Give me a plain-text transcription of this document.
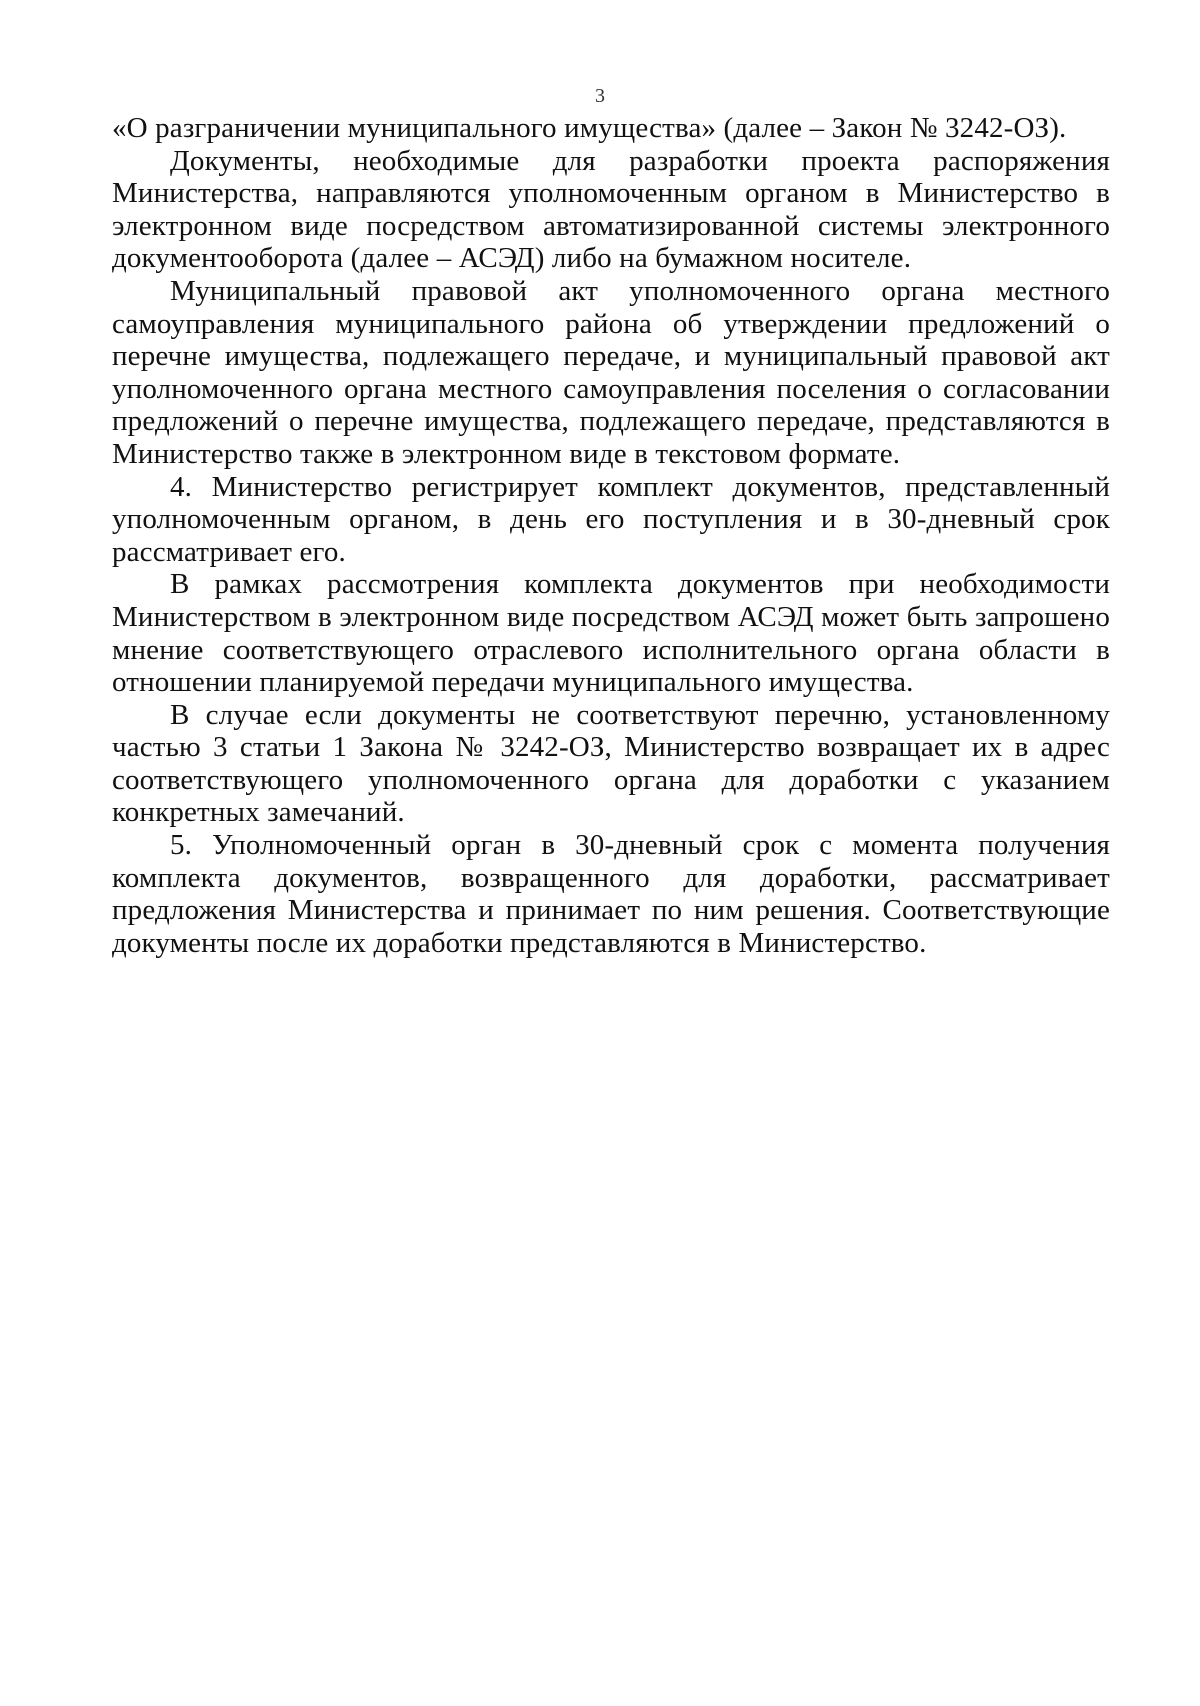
3

«О разграничении муниципального имущества» (далее – Закон № 3242-ОЗ).

Документы, необходимые для разработки проекта распоряжения Министерства, направляются уполномоченным органом в Министерство в электронном виде посредством автоматизированной системы электронного документооборота (далее – АСЭД) либо на бумажном носителе.

Муниципальный правовой акт уполномоченного органа местного самоуправления муниципального района об утверждении предложений о перечне имущества, подлежащего передаче, и муниципальный правовой акт уполномоченного органа местного самоуправления поселения о согласовании предложений о перечне имущества, подлежащего передаче, представляются в Министерство также в электронном виде в текстовом формате.

4. Министерство регистрирует комплект документов, представленный уполномоченным органом, в день его поступления и в 30-дневный срок рассматривает его.

В рамках рассмотрения комплекта документов при необходимости Министерством в электронном виде посредством АСЭД может быть запрошено мнение соответствующего отраслевого исполнительного органа области в отношении планируемой передачи муниципального имущества.

В случае если документы не соответствуют перечню, установленному частью 3 статьи 1 Закона № 3242-ОЗ, Министерство возвращает их в адрес соответствующего уполномоченного органа для доработки с указанием конкретных замечаний.

5. Уполномоченный орган в 30-дневный срок с момента получения комплекта документов, возвращенного для доработки, рассматривает предложения Министерства и принимает по ним решения. Соответствующие документы после их доработки представляются в Министерство.
